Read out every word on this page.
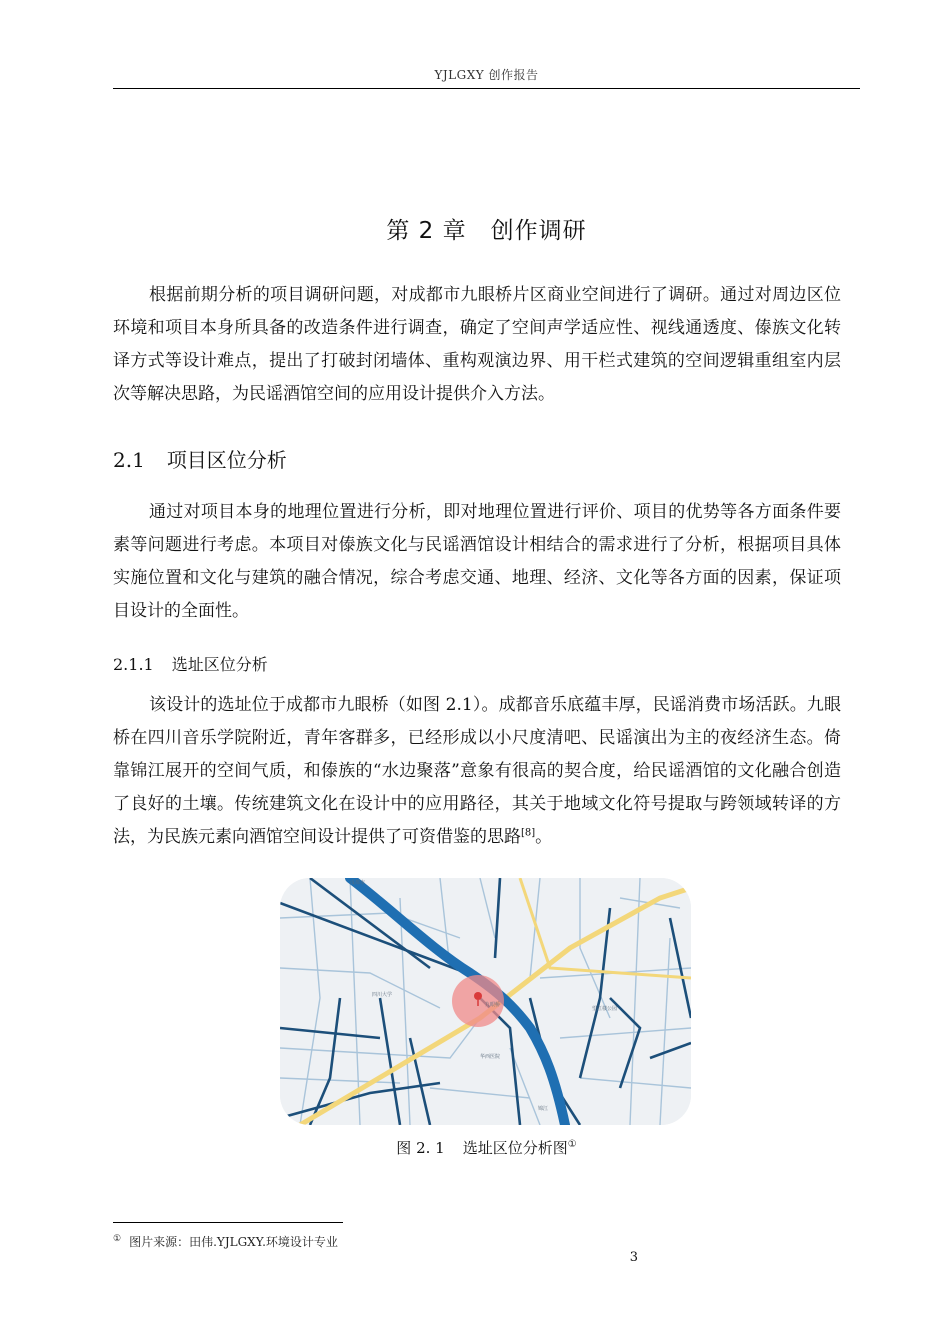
YJLGXY 创作报告
第 2 章　创作调研

根据前期分析的项目调研问题，对成都市九眼桥片区商业空间进行了调研。通过对周边区位环境和项目本身所具备的改造条件进行调查，确定了空间声学适应性、视线通透度、傣族文化转译方式等设计难点，提出了打破封闭墙体、重构观演边界、用干栏式建筑的空间逻辑重组室内层次等解决思路，为民谣酒馆空间的应用设计提供介入方法。

2.1 项目区位分析

通过对项目本身的地理位置进行分析，即对地理位置进行评价、项目的优势等各方面条件要素等问题进行考虑。本项目对傣族文化与民谣酒馆设计相结合的需求进行了分析，根据项目具体实施位置和文化与建筑的融合情况，综合考虑交通、地理、经济、文化等各方面的因素，保证项目设计的全面性。

2.1.1 选址区位分析

该设计的选址位于成都市九眼桥（如图 2.1）。成都音乐底蕴丰厚，民谣消费市场活跃。九眼桥在四川音乐学院附近，青年客群多，已经形成以小尺度清吧、民谣演出为主的夜经济生态。倚靠锦江展开的空间气质，和傣族的“水边聚落”意象有很高的契合度，给民谣酒馆的文化融合创造了良好的土壤。传统建筑文化在设计中的应用路径，其关于地域文化符号提取与跨领域转译的方法，为民族元素向酒馆空间设计提供了可资借鉴的思路[8]。

成都市
九眼桥
四川大学
锦江
华西医院
望江楼公园
图 2. 1 选址区位分析图①
① 图片来源：田伟.YJLGXY.环境设计专业
3
